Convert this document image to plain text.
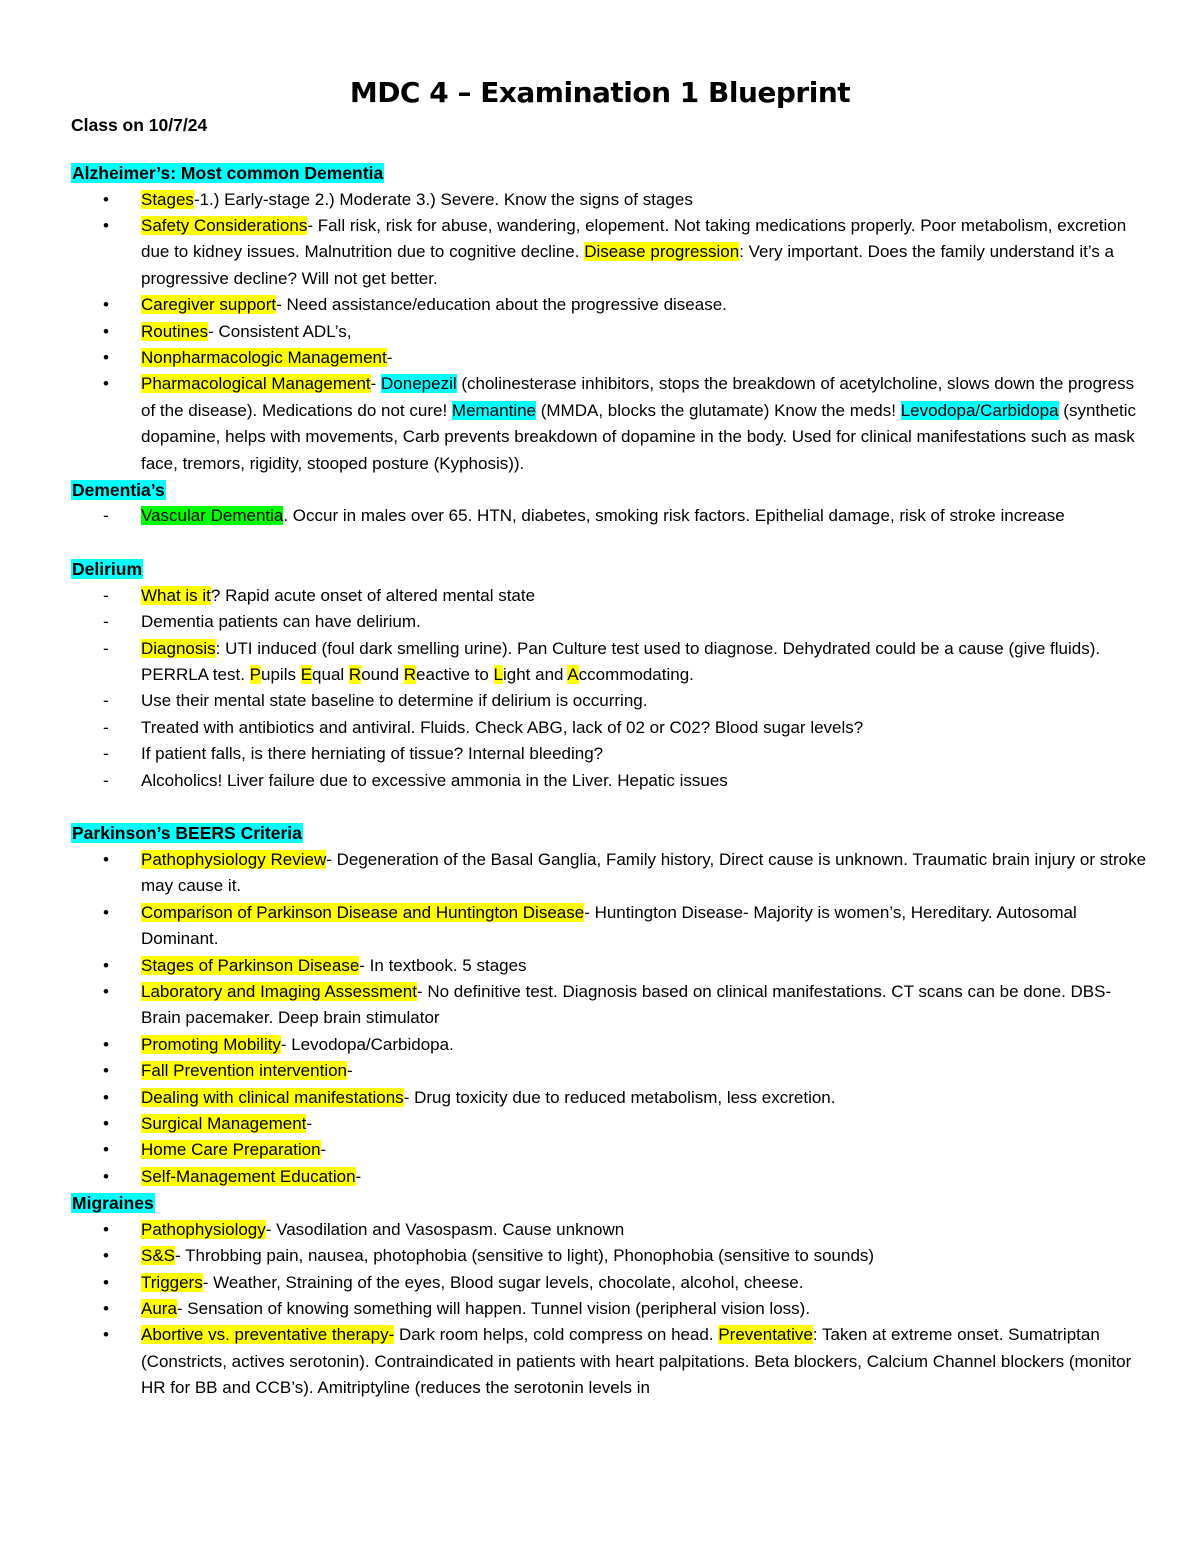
MDC 4 – Examination 1 Blueprint
Class on 10/7/24
Alzheimer’s: Most common Dementia
•	Stages-1.) Early-stage 2.) Moderate 3.) Severe. Know the signs of stages
•	Safety Considerations- Fall risk, risk for abuse, wandering, elopement. Not taking medications properly. Poor metabolism, excretion due to kidney issues. Malnutrition due to cognitive decline. Disease progression: Very important. Does the family understand it’s a progressive decline? Will not get better.
•	Caregiver support- Need assistance/education about the progressive disease.
•	Routines- Consistent ADL’s,
•	Nonpharmacologic Management-
•	Pharmacological Management- Donepezil (cholinesterase inhibitors, stops the breakdown of acetylcholine, slows down the progress of the disease). Medications do not cure! Memantine (MMDA, blocks the glutamate) Know the meds! Levodopa/Carbidopa (synthetic dopamine, helps with movements, Carb prevents breakdown of dopamine in the body. Used for clinical manifestations such as mask face, tremors, rigidity, stooped posture (Kyphosis)).
Dementia’s
-	Vascular Dementia. Occur in males over 65. HTN, diabetes, smoking risk factors. Epithelial damage, risk of stroke increase
Delirium
-	What is it? Rapid acute onset of altered mental state
-	Dementia patients can have delirium.
-	Diagnosis: UTI induced (foul dark smelling urine). Pan Culture test used to diagnose. Dehydrated could be a cause (give fluids). PERRLA test. Pupils Equal Round Reactive to Light and Accommodating.
-	Use their mental state baseline to determine if delirium is occurring.
-	Treated with antibiotics and antiviral. Fluids. Check ABG, lack of 02 or C02? Blood sugar levels?
-	If patient falls, is there herniating of tissue? Internal bleeding?
-	Alcoholics! Liver failure due to excessive ammonia in the Liver. Hepatic issues
Parkinson’s BEERS Criteria
•	Pathophysiology Review- Degeneration of the Basal Ganglia, Family history, Direct cause is unknown. Traumatic brain injury or stroke may cause it.
•	Comparison of Parkinson Disease and Huntington Disease- Huntington Disease- Majority is women’s, Hereditary. Autosomal Dominant.
•	Stages of Parkinson Disease- In textbook. 5 stages
•	Laboratory and Imaging Assessment- No definitive test. Diagnosis based on clinical manifestations. CT scans can be done. DBS- Brain pacemaker. Deep brain stimulator
•	Promoting Mobility- Levodopa/Carbidopa.
•	Fall Prevention intervention-
•	Dealing with clinical manifestations- Drug toxicity due to reduced metabolism, less excretion.
•	Surgical Management-
•	Home Care Preparation-
•	Self-Management Education-
Migraines
•	Pathophysiology- Vasodilation and Vasospasm. Cause unknown
•	S&S- Throbbing pain, nausea, photophobia (sensitive to light), Phonophobia (sensitive to sounds)
•	Triggers- Weather, Straining of the eyes, Blood sugar levels, chocolate, alcohol, cheese.
•	Aura- Sensation of knowing something will happen. Tunnel vision (peripheral vision loss).
•	Abortive vs. preventative therapy- Dark room helps, cold compress on head. Preventative: Taken at extreme onset. Sumatriptan (Constricts, actives serotonin). Contraindicated in patients with heart palpitations. Beta blockers, Calcium Channel blockers (monitor HR for BB and CCB’s). Amitriptyline (reduces the serotonin levels in
